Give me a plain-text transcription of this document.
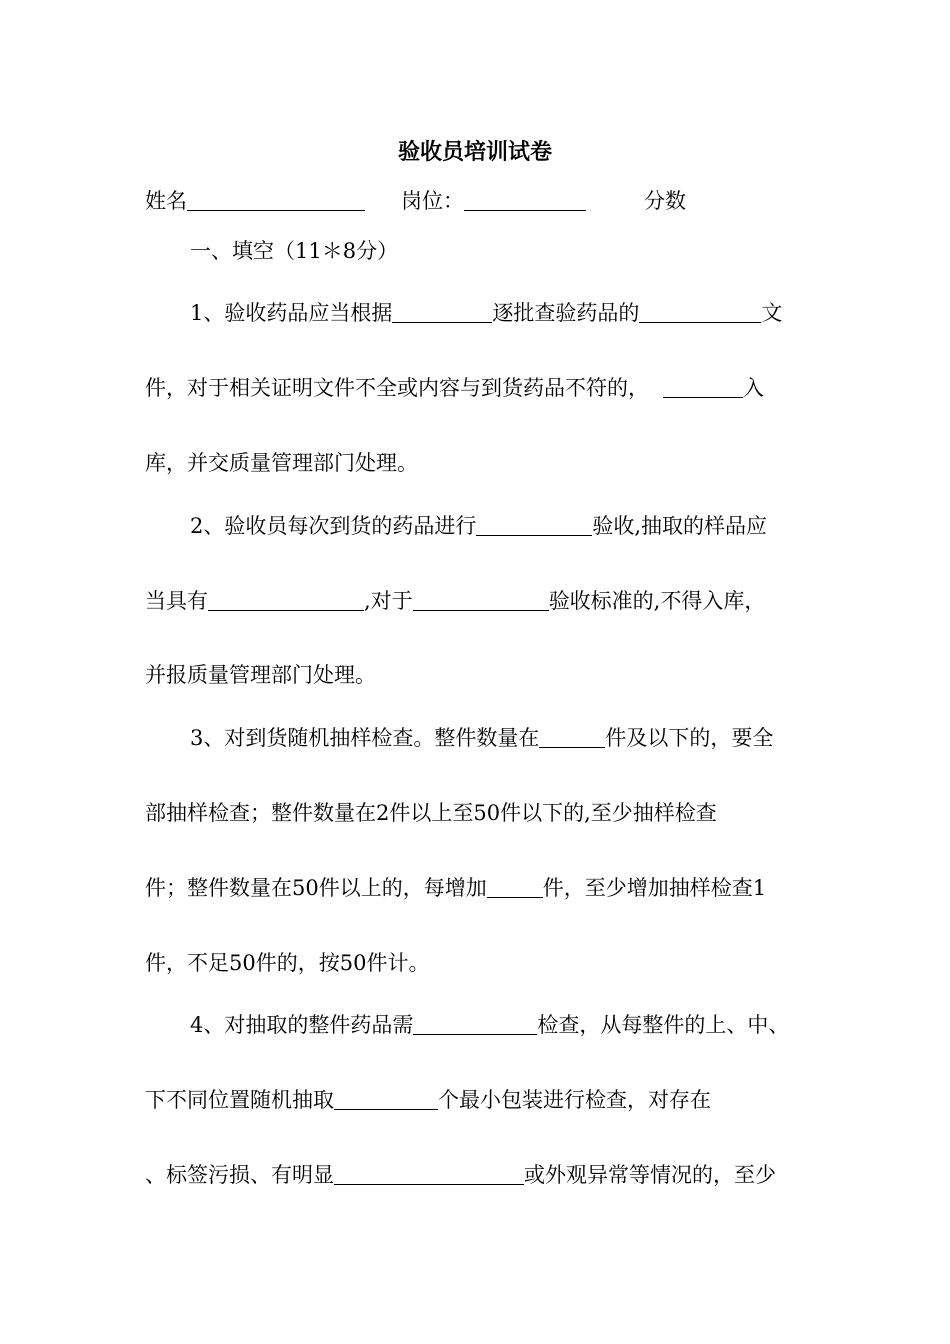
验收员培训试卷
姓名	岗位：	分数
一、填空（11＊8分）
1、验收药品应当根据	逐批查验药品的	文
件，对于相关证明文件不全或内容与到货药品不符的，	入
库，并交质量管理部门处理。
2、验收员每次到货的药品进行	验收,抽取的样品应
当具有	,对于	验收标准的,不得入库，
并报质量管理部门处理。
3、对到货随机抽样检查。整件数量在	件及以下的，要全
部抽样检查；整件数量在2件以上至50件以下的,至少抽样检查
件；整件数量在50件以上的，每增加	件，至少增加抽样检查1
件，不足50件的，按50件计。
4、对抽取的整件药品需	检查，从每整件的上、中、
下不同位置随机抽取	个最小包装进行检查，对存在
、标签污损、有明显	或外观异常等情况的，至少
